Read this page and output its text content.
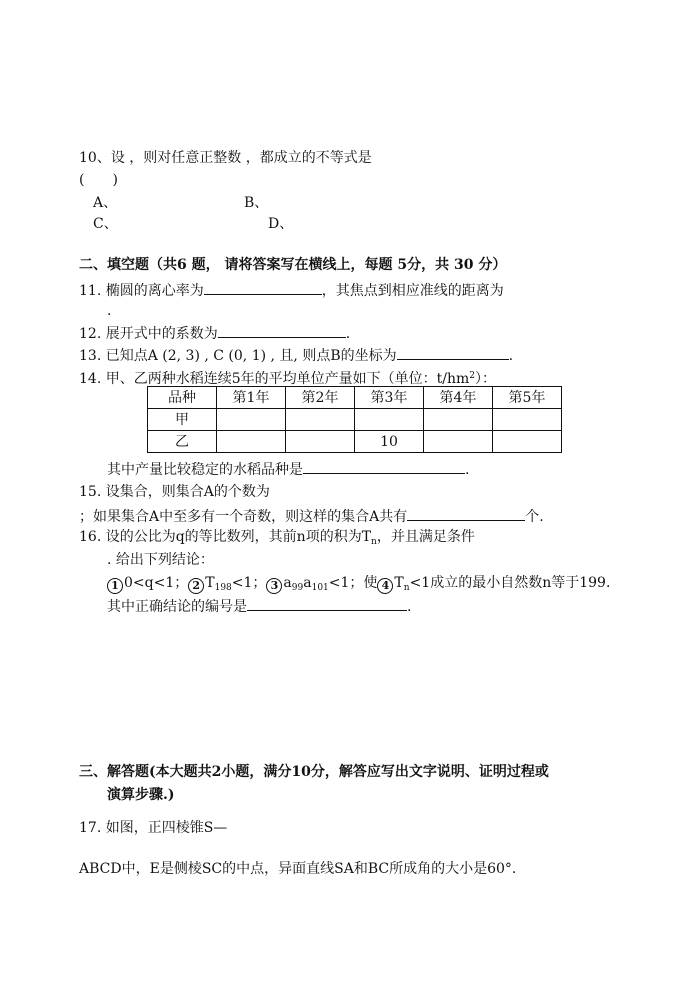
10、设 ，则对任意正整数 ，都成立的不等式是
(　　)
A、	B、
C、	D、
二、填空题（共6 题， 请将答案写在横线上，每题 5分，共 30 分）
11. 椭圆的离心率为	，其焦点到相应准线的距离为
.
12. 展开式中的系数为	.
13. 已知点A (2, 3) , C (0, 1) , 且, 则点B的坐标为	.
14. 甲、乙两种水稻连续5年的平均单位产量如下（单位：$t/hm^2$）：
品种	第1年	第2年	第3年	第4年	第5年
甲					
乙			10		
其中产量比较稳定的水稻品种是	.
15. 设集合，则集合A的个数为
；如果集合A中至多有一个奇数，则这样的集合A共有	个.
16. 设的公比为q的等比数列，其前n项的积为$T_n$，并且满足条件
. 给出下列结论：
1 0<q<1； 2 $T_{198}<1$； 3 $a_{99}a_{101}<1$；使 4 $T_n<1$成立的最小自然数n等于199.
其中正确结论的编号是	.
三、解答题(本大题共2小题，满分10分，解答应写出文字说明、证明过程或
演算步骤.)
17. 如图，正四棱锥S—
ABCD中，E是侧棱SC的中点，异面直线SA和BC所成角的大小是60°.
